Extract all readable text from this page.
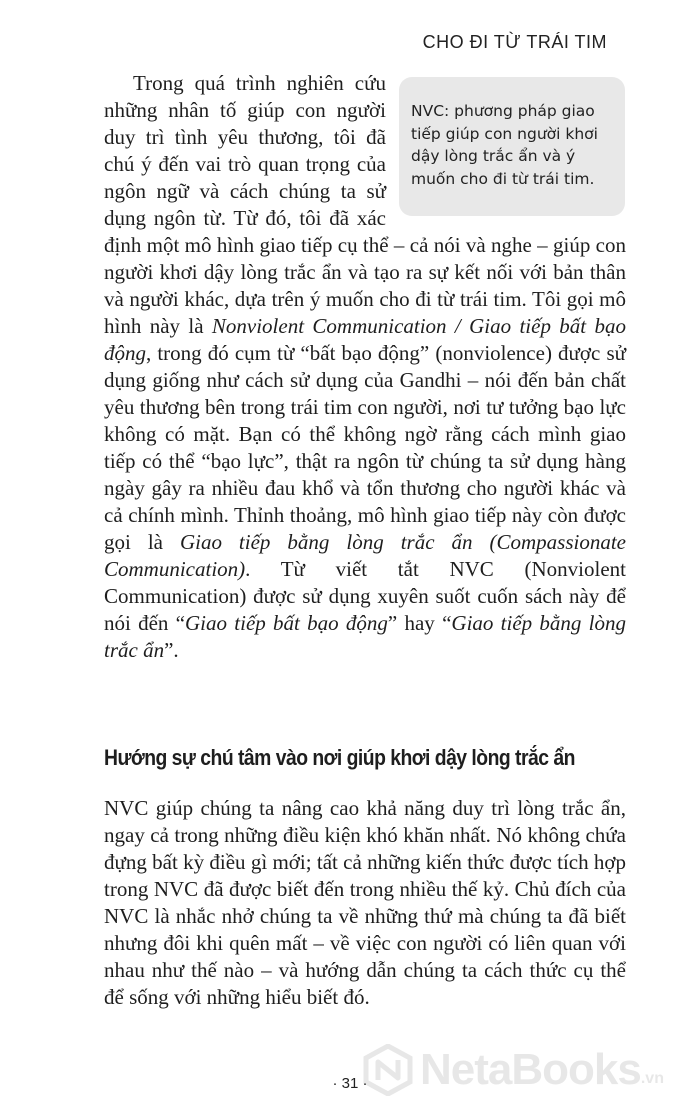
CHO ĐI TỪ TRÁI TIM
NVC: phương pháp giao tiếp giúp con người khơi dậy lòng trắc ẩn và ý muốn cho đi từ trái tim.
Trong quá trình nghiên cứu những nhân tố giúp con người duy trì tình yêu thương, tôi đã chú ý đến vai trò quan trọng của ngôn ngữ và cách chúng ta sử dụng ngôn từ. Từ đó, tôi đã xác định một mô hình giao tiếp cụ thể – cả nói và nghe – giúp con người khơi dậy lòng trắc ẩn và tạo ra sự kết nối với bản thân và người khác, dựa trên ý muốn cho đi từ trái tim. Tôi gọi mô hình này là Nonviolent Communication / Giao tiếp bất bạo động, trong đó cụm từ “bất bạo động” (nonviolence) được sử dụng giống như cách sử dụng của Gandhi – nói đến bản chất yêu thương bên trong trái tim con người, nơi tư tưởng bạo lực không có mặt. Bạn có thể không ngờ rằng cách mình giao tiếp có thể “bạo lực”, thật ra ngôn từ chúng ta sử dụng hàng ngày gây ra nhiều đau khổ và tổn thương cho người khác và cả chính mình. Thỉnh thoảng, mô hình giao tiếp này còn được gọi là Giao tiếp bằng lòng trắc ẩn (Compassionate Communication). Từ viết tắt NVC (Nonviolent Communication) được sử dụng xuyên suốt cuốn sách này để nói đến “Giao tiếp bất bạo động” hay “Giao tiếp bằng lòng trắc ẩn”.
Hướng sự chú tâm vào nơi giúp khơi dậy lòng trắc ẩn
NVC giúp chúng ta nâng cao khả năng duy trì lòng trắc ẩn, ngay cả trong những điều kiện khó khăn nhất. Nó không chứa đựng bất kỳ điều gì mới; tất cả những kiến thức được tích hợp trong NVC đã được biết đến trong nhiều thế kỷ. Chủ đích của NVC là nhắc nhở chúng ta về những thứ mà chúng ta đã biết nhưng đôi khi quên mất – về việc con người có liên quan với nhau như thế nào – và hướng dẫn chúng ta cách thức cụ thể để sống với những hiểu biết đó.
· 31 ·	NetaBooks .vn
